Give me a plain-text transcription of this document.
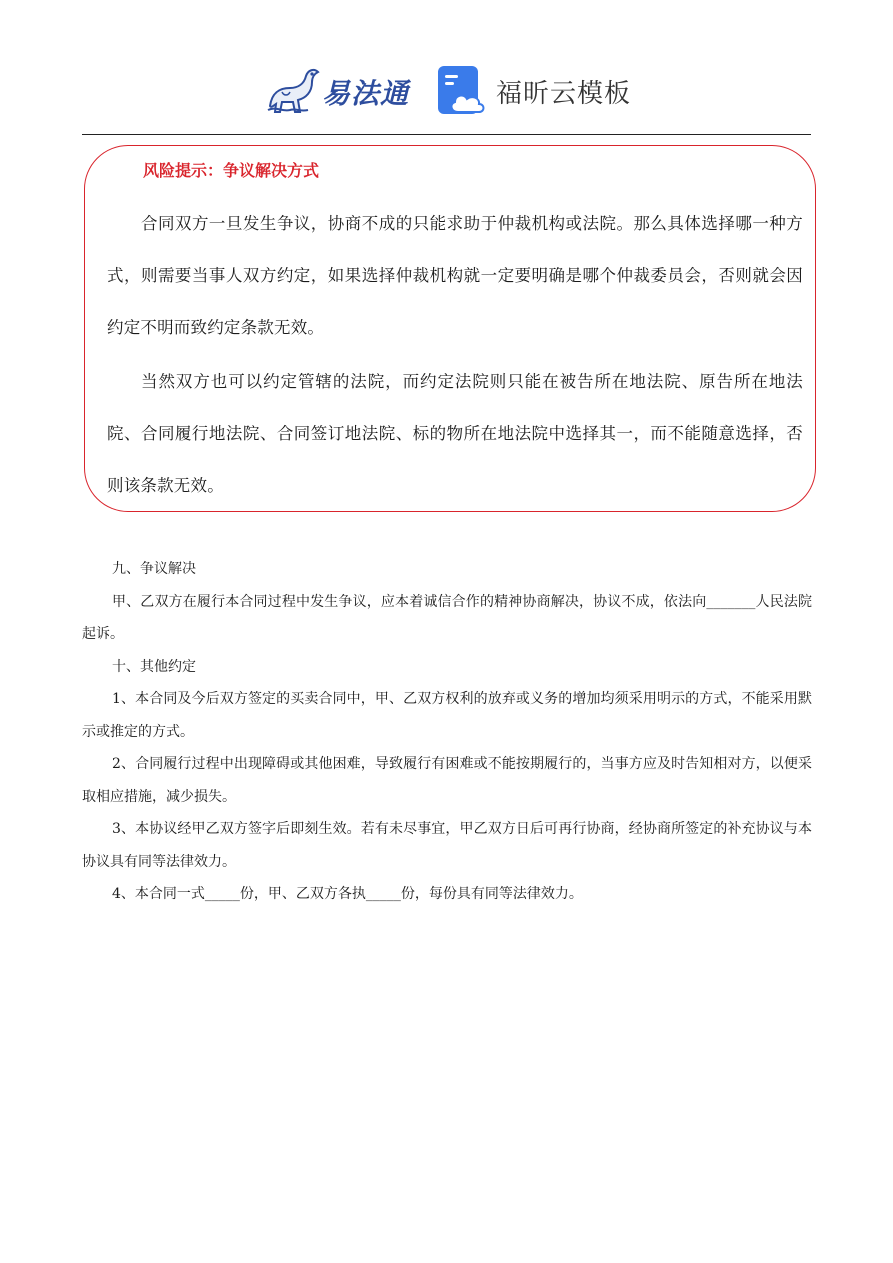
易法通	福昕云模板
风险提示：争议解决方式
合同双方一旦发生争议，协商不成的只能求助于仲裁机构或法院。那么具体选择哪一种方式，则需要当事人双方约定，如果选择仲裁机构就一定要明确是哪个仲裁委员会，否则就会因约定不明而致约定条款无效。
当然双方也可以约定管辖的法院，而约定法院则只能在被告所在地法院、原告所在地法院、合同履行地法院、合同签订地法院、标的物所在地法院中选择其一，而不能随意选择，否则该条款无效。

九、争议解决

甲、乙双方在履行本合同过程中发生争议，应本着诚信合作的精神协商解决，协议不成，依法向_______人民法院起诉。

十、其他约定

1、本合同及今后双方签定的买卖合同中，甲、乙双方权利的放弃或义务的增加均须采用明示的方式，不能采用默示或推定的方式。

2、合同履行过程中出现障碍或其他困难，导致履行有困难或不能按期履行的，当事方应及时告知相对方，以便采取相应措施，减少损失。

3、本协议经甲乙双方签字后即刻生效。若有未尽事宜，甲乙双方日后可再行协商，经协商所签定的补充协议与本协议具有同等法律效力。

4、本合同一式_____份，甲、乙双方各执_____份，每份具有同等法律效力。
